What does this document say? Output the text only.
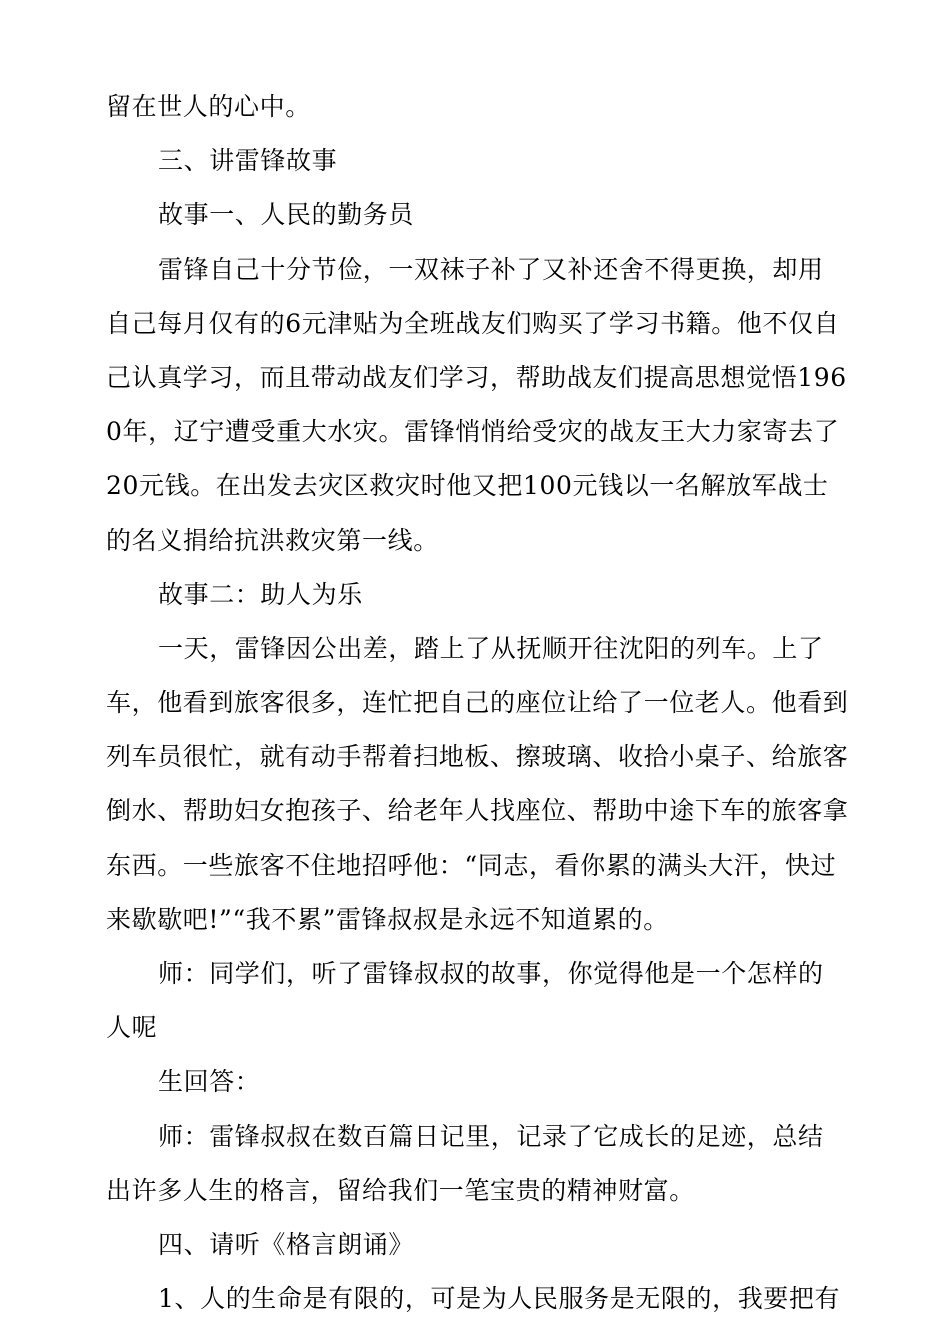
留在世人的心中。
三、讲雷锋故事
故事一、人民的勤务员
雷锋自己十分节俭，一双袜子补了又补还舍不得更换，却用
自己每月仅有的6元津贴为全班战友们购买了学习书籍。他不仅自
己认真学习，而且带动战友们学习，帮助战友们提高思想觉悟196
0年，辽宁遭受重大水灾。雷锋悄悄给受灾的战友王大力家寄去了
20元钱。在出发去灾区救灾时他又把100元钱以一名解放军战士
的名义捐给抗洪救灾第一线。
故事二：助人为乐
一天，雷锋因公出差，踏上了从抚顺开往沈阳的列车。上了
车，他看到旅客很多，连忙把自己的座位让给了一位老人。他看到
列车员很忙，就有动手帮着扫地板、擦玻璃、收拾小桌子、给旅客
倒水、帮助妇女抱孩子、给老年人找座位、帮助中途下车的旅客拿
东西。一些旅客不住地招呼他：“同志，看你累的满头大汗，快过
来歇歇吧!”“我不累”雷锋叔叔是永远不知道累的。
师：同学们，听了雷锋叔叔的故事，你觉得他是一个怎样的
人呢
生回答：
师：雷锋叔叔在数百篇日记里，记录了它成长的足迹，总结
出许多人生的格言，留给我们一笔宝贵的精神财富。
四、请听《格言朗诵》
1、人的生命是有限的，可是为人民服务是无限的，我要把有
